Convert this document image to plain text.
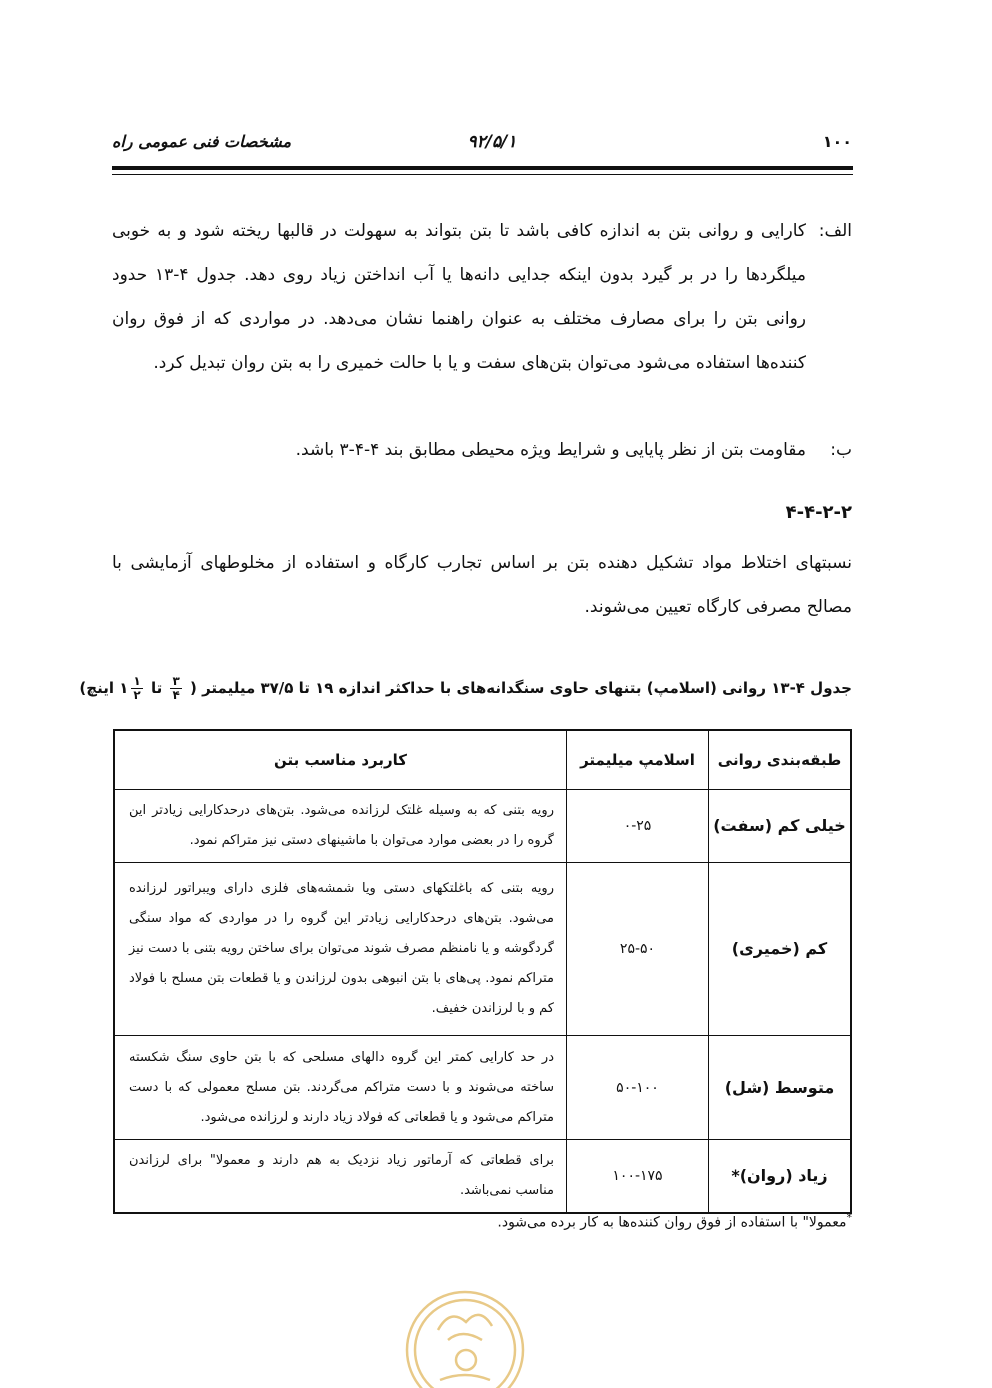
۱۰۰
۹۲/۵/۱
مشخصات فنی عمومی راه
الف:
کارایی و روانی بتن به اندازه کافی باشد تا بتن بتواند به سهولت در قالبها ریخته شود و به خوبی میلگردها را در بر گیرد بدون اینکه جدایی دانه‌ها یا آب انداختن زیاد روی دهد. جدول ۴-۱۳ حدود روانی بتن را برای مصارف مختلف به عنوان راهنما نشان می‌دهد. در مواردی که از فوق روان کننده‌ها استفاده می‌شود می‌توان بتن‌های سفت و یا با حالت خمیری را به بتن روان تبدیل کرد.
ب:
مقاومت بتن از نظر پایایی و شرایط ویژه محیطی مطابق بند ۴-۴-۳ باشد.
۴-۴-۲-۲
نسبتهای اختلاط مواد تشکیل دهنده بتن بر اساس تجارب کارگاه و استفاده از مخلوطهای آزمایشی با مصالح مصرفی کارگاه تعیین می‌شوند.
جدول ۴-۱۳ روانی (اسلامپ) بتنهای حاوی سنگدانه‌های با حداکثر اندازه ۱۹ تا ۳۷/۵ میلیمتر (
$\frac{۳}{۴}$
تا
$\frac{۱}{۲}$
۱ اینچ)
طبقه‌بندی روانی	اسلامپ میلیمتر	کاربرد مناسب بتن
خیلی کم (سفت)	۰-۲۵	رویه بتنی که به وسیله غلتک لرزانده می‌شود. بتن‌های درحدکارایی زیادتر این گروه را در بعضی موارد می‌توان با ماشینهای دستی نیز متراکم نمود.
کم (خمیری)	۲۵-۵۰	رویه بتنی که باغلتکهای دستی ویا شمشه‌های فلزی دارای ویبراتور لرزانده می‌شود. بتن‌های درحدکارایی زیادتر این گروه را در مواردی که مواد سنگی گردگوشه و یا نامنظم مصرف شوند می‌توان برای ساختن رویه بتنی با دست نیز متراکم نمود. پی‌های با بتن انبوهی بدون لرزاندن و یا قطعات بتن مسلح با فولاد کم و با لرزاندن خفیف.
متوسط (شل)	۵۰-۱۰۰	در حد کارایی کمتر این گروه دالهای مسلحی که با بتن حاوی سنگ شکسته ساخته می‌شوند و با دست متراکم می‌گردند. بتن مسلح معمولی که با دست متراکم می‌شود و یا قطعاتی که فولاد زیاد دارند و لرزانده می‌شود.
زیاد (روان)*	۱۰۰-۱۷۵	برای قطعاتی که آرماتور زیاد نزدیک به هم دارند و معمولا" برای لرزاندن مناسب نمی‌باشد.
*معمولا" با استفاده از فوق روان کننده‌ها به کار برده می‌شود.
